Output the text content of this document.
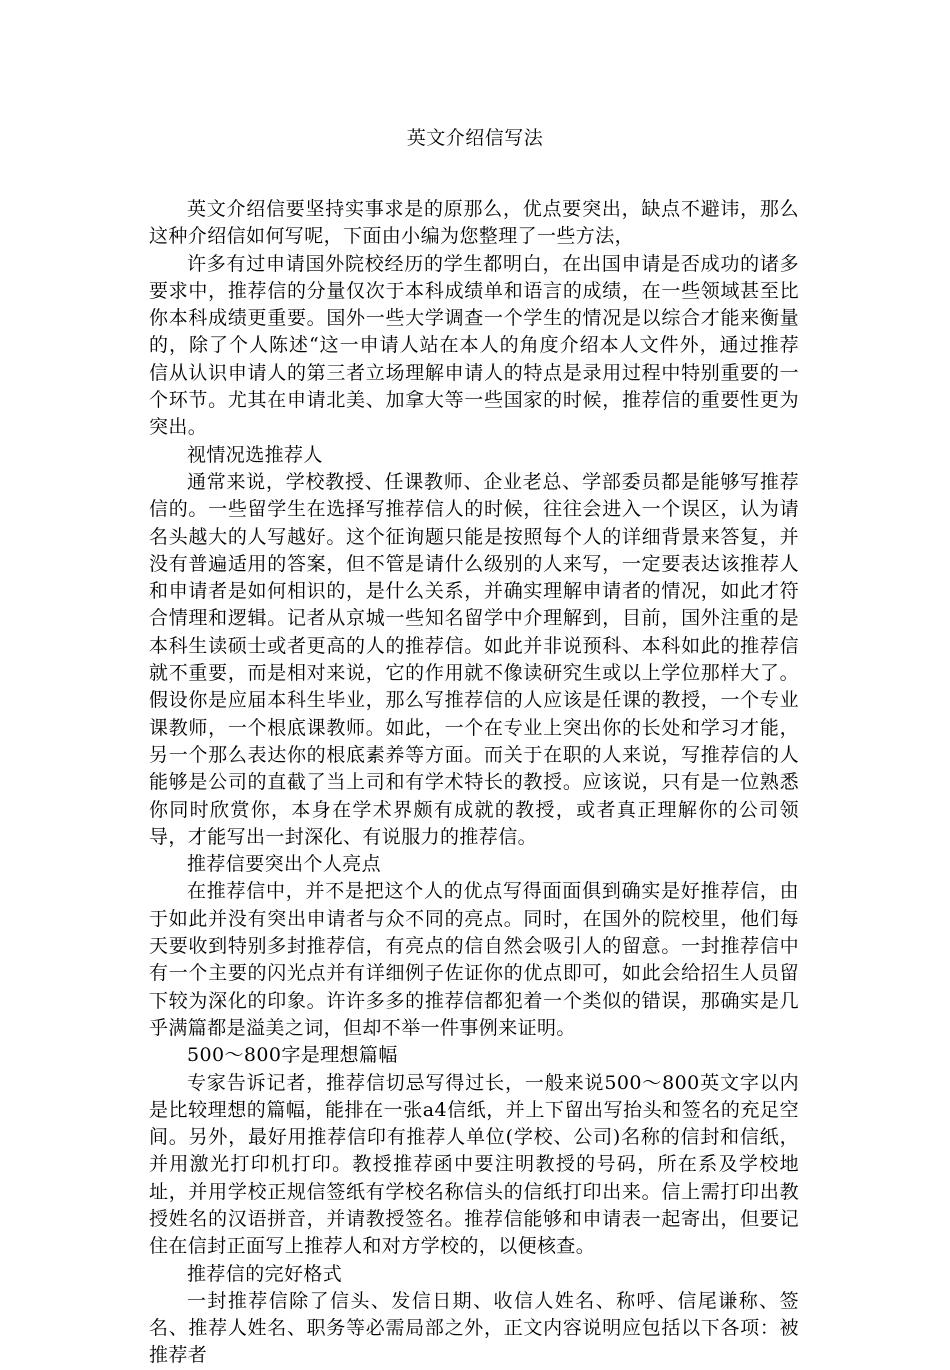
英文介绍信写法

英文介绍信要坚持实事求是的原那么，优点要突出，缺点不避讳，那么这种介绍信如何写呢，下面由小编为您整理了一些方法，

许多有过申请国外院校经历的学生都明白，在出国申请是否成功的诸多要求中，推荐信的分量仅次于本科成绩单和语言的成绩，在一些领域甚至比你本科成绩更重要。国外一些大学调查一个学生的情况是以综合才能来衡量的，除了个人陈述“这一申请人站在本人的角度介绍本人文件外，通过推荐信从认识申请人的第三者立场理解申请人的特点是录用过程中特别重要的一个环节。尤其在申请北美、加拿大等一些国家的时候，推荐信的重要性更为突出。

视情况选推荐人

通常来说，学校教授、任课教师、企业老总、学部委员都是能够写推荐信的。一些留学生在选择写推荐信人的时候，往往会进入一个误区，认为请名头越大的人写越好。这个征询题只能是按照每个人的详细背景来答复，并没有普遍适用的答案，但不管是请什么级别的人来写，一定要表达该推荐人和申请者是如何相识的，是什么关系，并确实理解申请者的情况，如此才符合情理和逻辑。记者从京城一些知名留学中介理解到，目前，国外注重的是本科生读硕士或者更高的人的推荐信。如此并非说预科、本科如此的推荐信就不重要，而是相对来说，它的作用就不像读研究生或以上学位那样大了。假设你是应届本科生毕业，那么写推荐信的人应该是任课的教授，一个专业课教师，一个根底课教师。如此，一个在专业上突出你的长处和学习才能，另一个那么表达你的根底素养等方面。而关于在职的人来说，写推荐信的人能够是公司的直截了当上司和有学术特长的教授。应该说，只有是一位熟悉你同时欣赏你，本身在学术界颇有成就的教授，或者真正理解你的公司领导，才能写出一封深化、有说服力的推荐信。

推荐信要突出个人亮点

在推荐信中，并不是把这个人的优点写得面面俱到确实是好推荐信，由于如此并没有突出申请者与众不同的亮点。同时，在国外的院校里，他们每天要收到特别多封推荐信，有亮点的信自然会吸引人的留意。一封推荐信中有一个主要的闪光点并有详细例子佐证你的优点即可，如此会给招生人员留下较为深化的印象。许许多多的推荐信都犯着一个类似的错误，那确实是几乎满篇都是溢美之词，但却不举一件事例来证明。

500～800字是理想篇幅

专家告诉记者，推荐信切忌写得过长，一般来说500～800英文字以内是比较理想的篇幅，能排在一张a4信纸，并上下留出写抬头和签名的充足空间。另外，最好用推荐信印有推荐人单位(学校、公司)名称的信封和信纸，并用激光打印机打印。教授推荐函中要注明教授的号码，所在系及学校地址，并用学校正规信签纸有学校名称信头的信纸打印出来。信上需打印出教授姓名的汉语拼音，并请教授签名。推荐信能够和申请表一起寄出，但要记住在信封正面写上推荐人和对方学校的，以便核查。

推荐信的完好格式

一封推荐信除了信头、发信日期、收信人姓名、称呼、信尾谦称、签名、推荐人姓名、职务等必需局部之外，正文内容说明应包括以下各项：被推荐者
